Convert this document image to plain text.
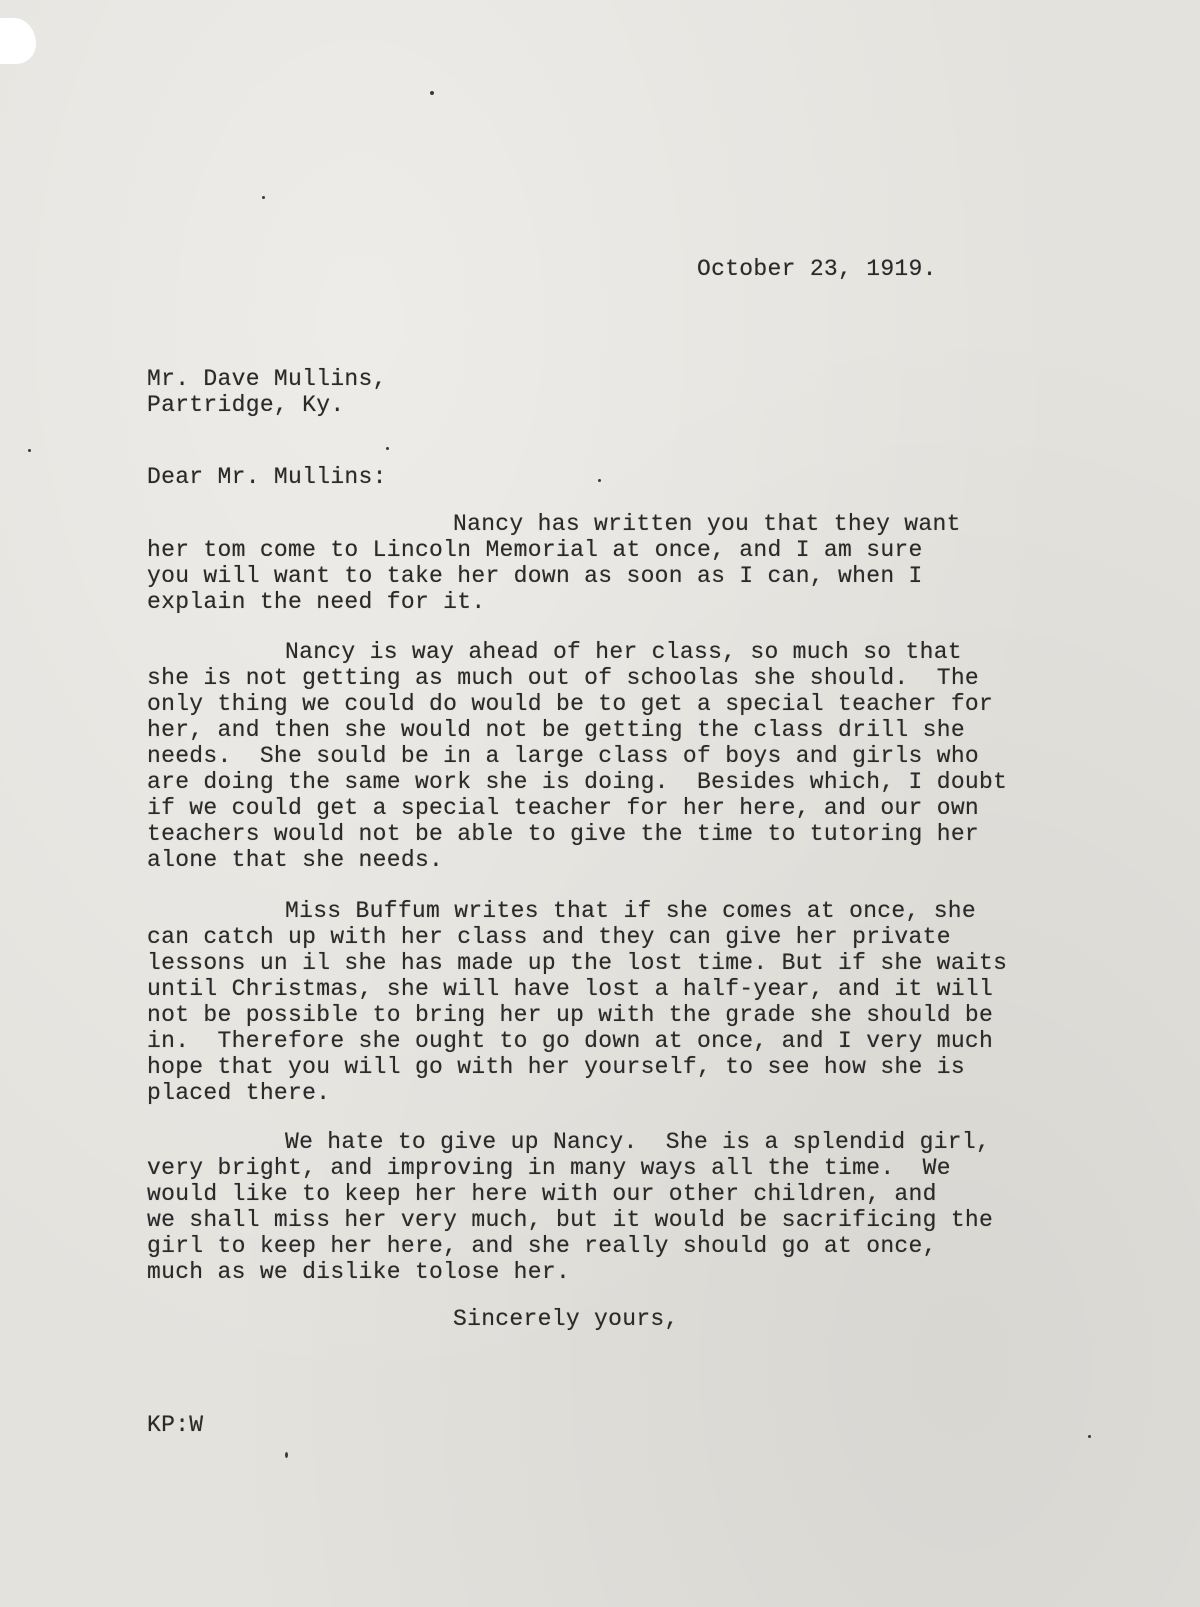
October 23, 1919.
Mr. Dave Mullins,
Partridge, Ky.
Dear Mr. Mullins:
Nancy has written you that they want
her tom come to Lincoln Memorial at once, and I am sure
you will want to take her down as soon as I can, when I
explain the need for it.
Nancy is way ahead of her class, so much so that
she is not getting as much out of schoolas she should.  The
only thing we could do would be to get a special teacher for
her, and then she would not be getting the class drill she
needs.  She sould be in a large class of boys and girls who
are doing the same work she is doing.  Besides which, I doubt
if we could get a special teacher for her here, and our own
teachers would not be able to give the time to tutoring her
alone that she needs.
Miss Buffum writes that if she comes at once, she
can catch up with her class and they can give her private
lessons un il she has made up the lost time. But if she waits
until Christmas, she will have lost a half-year, and it will
not be possible to bring her up with the grade she should be
in.  Therefore she ought to go down at once, and I very much
hope that you will go with her yourself, to see how she is
placed there.
We hate to give up Nancy.  She is a splendid girl,
very bright, and improving in many ways all the time.  We
would like to keep her here with our other children, and
we shall miss her very much, but it would be sacrificing the
girl to keep her here, and she really should go at once,
much as we dislike tolose her.
Sincerely yours,
KP:W
